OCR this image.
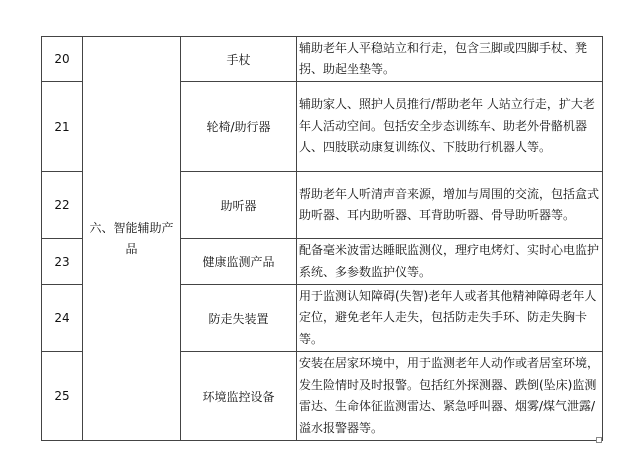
20	六、智能辅助产品	手杖	辅助老年人平稳站立和行走，包含三脚或四脚手杖、凳拐、助起坐垫等。
21		轮椅/助行器	辅助家人、照护人员推行/帮助老年 人站立行走，扩大老年人活动空间。包括安全步态训练车、助老外骨骼机器人、四肢联动康复训练仪、下肢助行机器人等。
22		助听器	帮助老年人听清声音来源，增加与周围的交流，包括盒式助听器、耳内助听器、耳背助听器、骨导助听器等。
23		健康监测产品	配备毫米波雷达睡眠监测仪，理疗电烤灯、实时心电监护系统、多参数监护仪等。
24		防走失装置	用于监测认知障碍(失智)老年人或者其他精神障碍老年人定位，避免老年人走失，包括防走失手环、防走失胸卡等。
25		环境监控设备	安装在居家环境中，用于监测老年人动作或者居室环境，发生险情时及时报警。包括红外探测器、跌倒(坠床)监测雷达、生命体征监测雷达、紧急呼叫器、烟雾/煤气泄露/溢水报警器等。
